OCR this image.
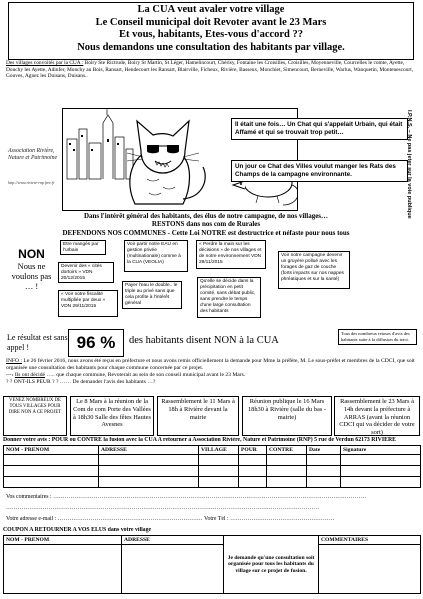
La CUA veut avaler votre village
Le Conseil municipal doit Revoter avant le 23 Mars
Et vous, habitants, Etes-vous d'accord ??
Nous demandons une consultation des habitants par village.
Des villages convoités par la CUA : Boiry Ste Rictrude, Boiry St Martin, St Léger, Hamelincourt, Chérisy, Fontaine les Croisilles, Croisilles, Moyenneville, Courcelles le comte, Ayette, Douchy les Ayette, Adinfer, Monchy au Bois, Ransart, Hendecourt les Ransart, Blairville, Ficheux, Rivière, Basseux, Monchiet, Simencourt, Berneville, Warlus, Wanquetin, Montenescourt, Gouves, Agnez les Duisans, Duisans..
Association Rivière, Nature et Patrimoine
http://www.riviere-rnp.free.fr
Il était une fois… Un Chat qui s'appelait Urbain, qui était Affamé et qui se trouvait trop petit…
Un jour ce Chat des Villes voulut manger les Rats des Champs de la campagne environnante.	I.P.N.S. – Ne pas jeter sur la voie publique
Dans l'intérêt général des habitants, des élus de notre campagne, de nos villages…
RESTONS dans nos com de Rurales
DEFENDONS NOS COMMUNES - Cette Loi NOTRE est destructrice et néfaste pour nous tous
NON
Nous ne voulons pas … !
Etre mangés par l'urbain
Devenir des « cités dortoirs » VDN 20/12/2015
« Voir notre fiscalité multipliée par deux » VDN 29/11/2015
Voir partir notre EAU en gestion privée (multinationale) comme à la CUA (VEOLIA)
Payer l'eau le double.. le triple au privé sans que cela profite à l'intérêt général
« Perdre la main sur les décisions » de nos villages et de notre environnement VDN 29/11/2015
Qu'elle se décide dans la précipitation en petit comité, sans débat public, sans prendre le temps d'une large consultation des habitants
Voir notre campagne devenir un gruyère pollué avec les forages de gaz de couche (forts impacts sur nos nappes phréatiques et sur la santé)
Le résultat est sans appel !	96 %	des habitants disent NON à la CUA
Tous des nombreux retours d'avis des habitants suite à la diffusion du tract.
INFO : Le 26 février 2016, nous avons été reçus en préfecture et nous avons remis officiellement la demande pour Mme la préfète, M. Le sous-préfet et membres de la CDCI, que soit organisée une consultation des habitants pour chaque commune concernée par ce projet.
---› Ils ont décidé ….. que chaque commune, Revoterait au sein de son conseil municipal avant le 23 Mars.
? ? ONT-ILS PEUR ? ? …… De demander l'avis des habitants …?
VENEZ NOMBREUX DE TOUS VILLAGES POUR DIRE NON A CE PROJET
Le 8 Mars à la réunion de la Com de com Porte des Vallées à 18h30 Salle des fêtes Hautes Avesnes
Rassemblement le 11 Mars à 18h à Rivière devant la mairie
Réunion publique le 16 Mars 18h30 à Rivière (salle du bas - mairie)
Rassemblement le 23 Mars à 14h devant la préfecture à ARRAS (avant la réunion CDCI qui va décider de votre sort)
Donner votre avis : POUR ou CONTRE la fusion avec la CUA A retourner à Association Rivière, Nature et Patrimoine (RNP) 5 rue de Verdun 62173 RIVIERE
NOM - PRENOM	ADRESSE	VILLAGE	POUR	CONTRE	Date	Signature

Vos commentaires : ………………………………………………………………………………………………………………………………………………
………………………………………………………………………………………………………………………………………………
Votre adresse e-mail : ………………………………………………………………… Votre Tél : ………………………………………………
COUPON A RETOURNER A VOS ELUS dans votre village
NOM - PRENOM	ADRESSE	Je demande qu'une consultation soit organisée pour tous les habitants du village sur ce projet de fusion.	COMMENTAIRES
